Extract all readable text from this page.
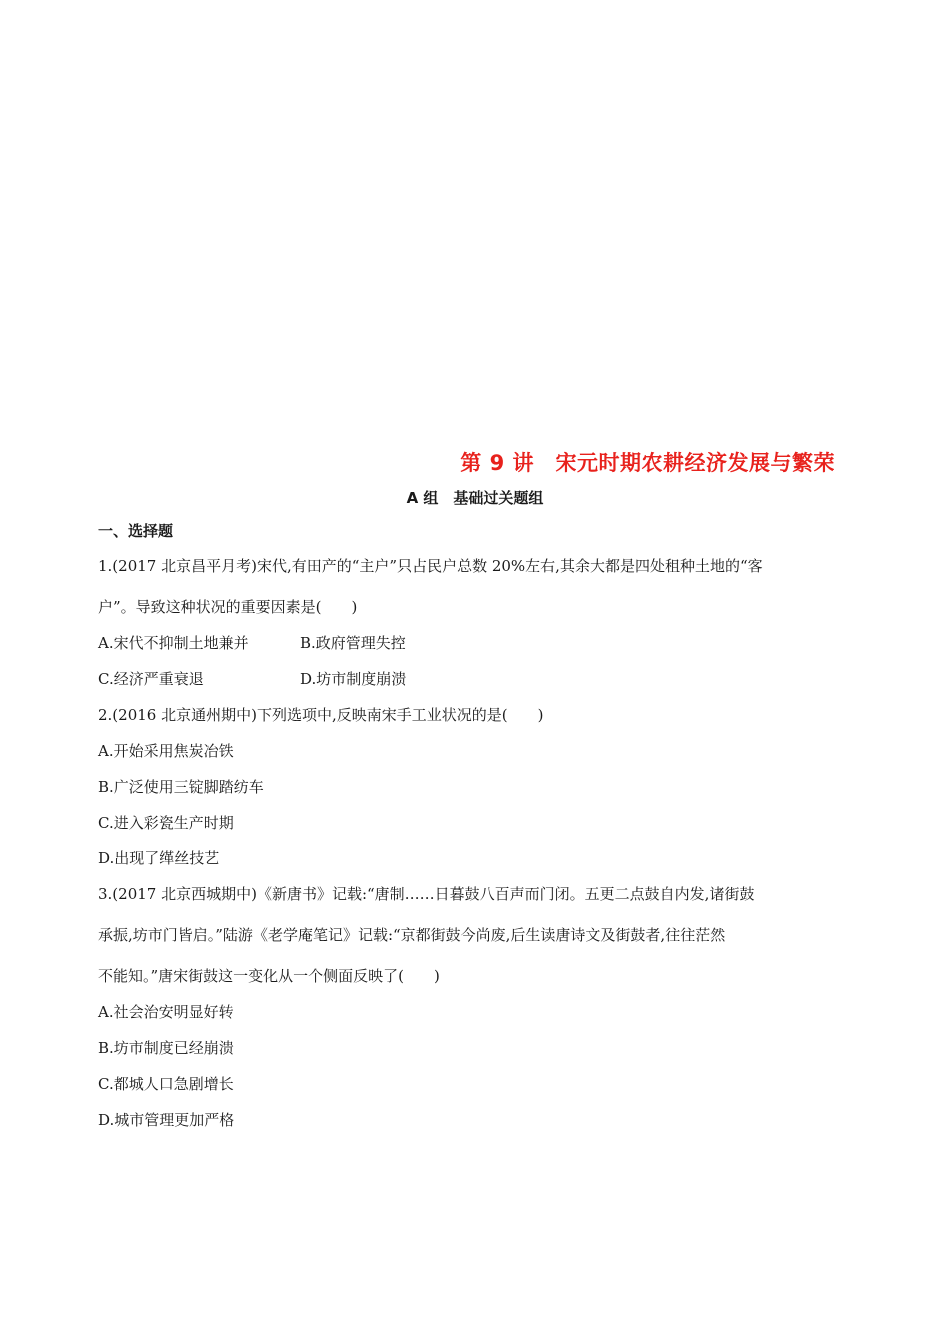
第 9 讲　宋元时期农耕经济发展与繁荣
A 组　基础过关题组
一、选择题
1.(2017 北京昌平月考)宋代,有田产的“主户”只占民户总数 20%左右,其余大都是四处租种土地的“客
户”。导致这种状况的重要因素是(　　)
A.宋代不抑制土地兼并	B.政府管理失控
C.经济严重衰退	D.坊市制度崩溃
2.(2016 北京通州期中)下列选项中,反映南宋手工业状况的是(　　)
A.开始采用焦炭冶铁
B.广泛使用三锭脚踏纺车
C.进入彩瓷生产时期
D.出现了缂丝技艺
3.(2017 北京西城期中)《新唐书》记载:“唐制……日暮鼓八百声而门闭。五更二点鼓自内发,诸街鼓
承振,坊市门皆启。”陆游《老学庵笔记》记载:“京都街鼓今尚废,后生读唐诗文及街鼓者,往往茫然
不能知。”唐宋街鼓这一变化从一个侧面反映了(　　)
A.社会治安明显好转
B.坊市制度已经崩溃
C.都城人口急剧增长
D.城市管理更加严格
